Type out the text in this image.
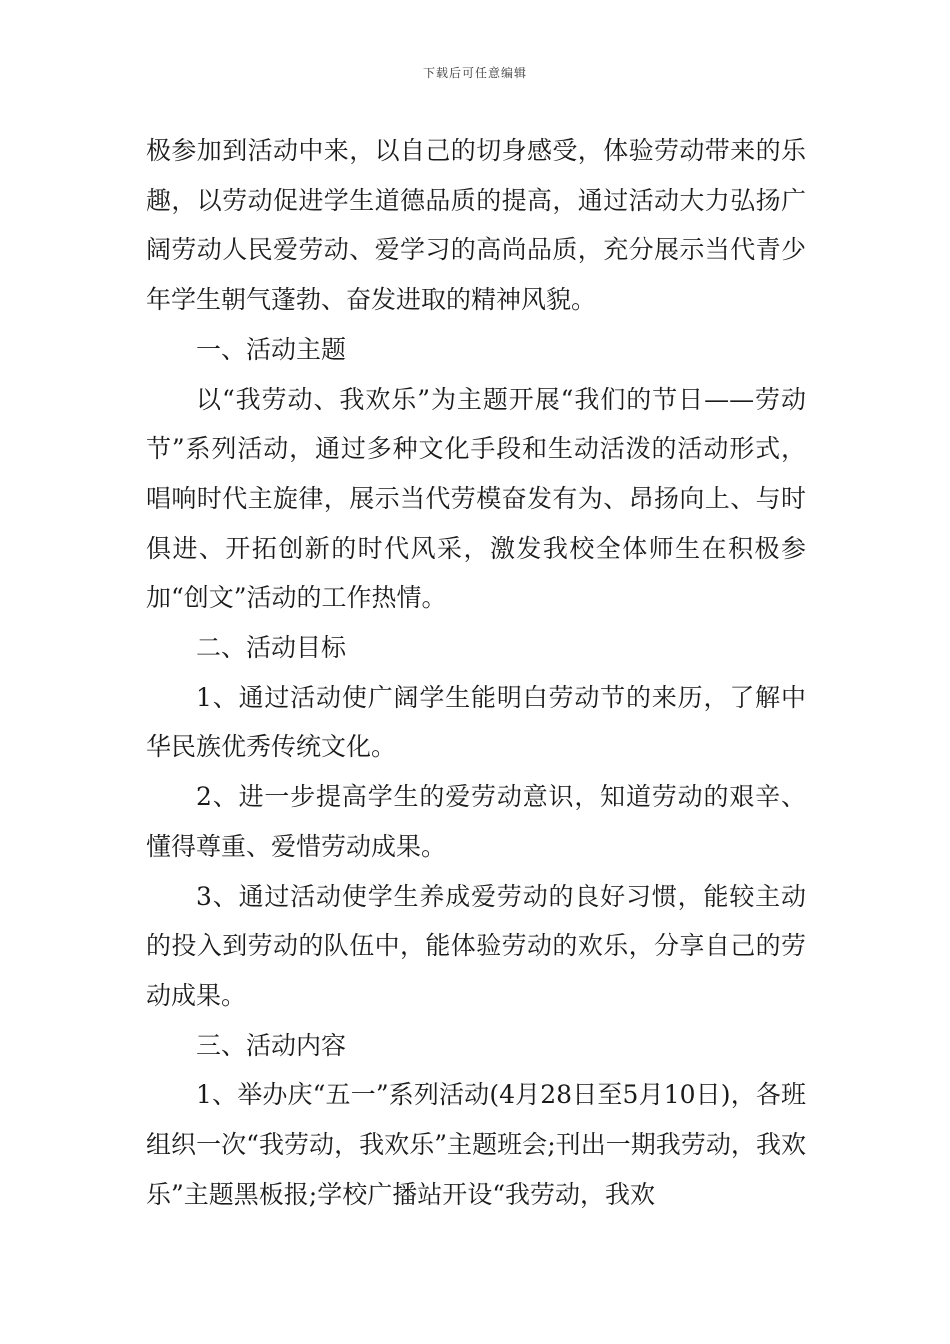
下载后可任意编辑

极参加到活动中来，以自己的切身感受，体验劳动带来的乐趣，以劳动促进学生道德品质的提高，通过活动大力弘扬广阔劳动人民爱劳动、爱学习的高尚品质，充分展示当代青少年学生朝气蓬勃、奋发进取的精神风貌。

一、活动主题

以“我劳动、我欢乐”为主题开展“我们的节日——劳动节”系列活动，通过多种文化手段和生动活泼的活动形式，唱响时代主旋律，展示当代劳模奋发有为、昂扬向上、与时俱进、开拓创新的时代风采，激发我校全体师生在积极参加“创文”活动的工作热情。

二、活动目标

1、通过活动使广阔学生能明白劳动节的来历，了解中华民族优秀传统文化。

2、进一步提高学生的爱劳动意识，知道劳动的艰辛、懂得尊重、爱惜劳动成果。

3、通过活动使学生养成爱劳动的良好习惯，能较主动的投入到劳动的队伍中，能体验劳动的欢乐，分享自己的劳动成果。

三、活动内容

1、举办庆“五一”系列活动(4月28日至5月10日)，各班组织一次“我劳动，我欢乐”主题班会;刊出一期我劳动，我欢乐”主题黑板报;学校广播站开设“我劳动，我欢
